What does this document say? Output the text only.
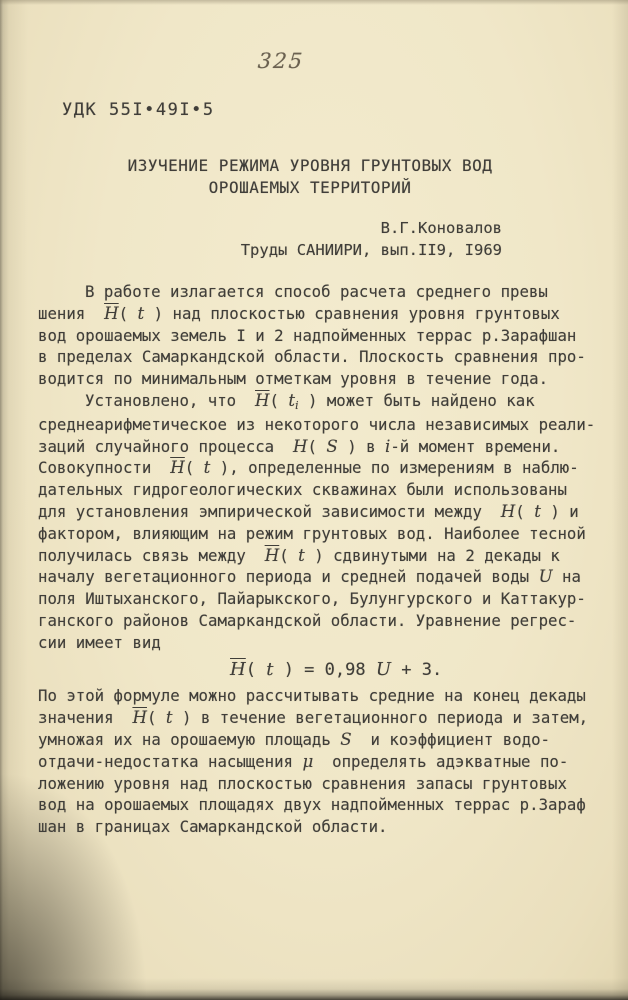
325
УДК 55I•49I•5
ИЗУЧЕНИЕ РЕЖИМА УРОВНЯ ГРУНТОВЫХ ВОД
ОРОШАЕМЫХ ТЕРРИТОРИЙ
В.Г.Коновалов
Труды САНИИРИ, вып.II9, I969
В работе излагается способ расчета среднего превы
шения  $\overline{H}$( t ) над плоскостью сравнения уровня грунтовых
вод орошаемых земель I и 2 надпойменных террас р.Зарафшан
в пределах Самаркандской области. Плоскость сравнения про-
водится по минимальным отметкам уровня в течение года.
Установлено, что  $\overline{H}$( $t_i$ ) может быть найдено как
среднеарифметическое из некоторого числа независимых реали-
заций случайного процесса  H( S ) в i-й момент времени.
Совокупности  $\overline{H}$( t ), определенные по измерениям в наблю-
дательных гидрогеологических скважинах были использованы
для установления эмпирической зависимости между  H( t ) и
фактором, влияющим на режим грунтовых вод. Наиболее тесной
получилась связь между  $\overline{H}$( t ) сдвинутыми на 2 декады к
началу вегетационного периода и средней подачей воды U на
поля Иштыханского, Пайарыкского, Булунгурского и Каттакур-
ганского районов Самаркандской области. Уравнение регрес-
сии имеет вид
$\overline{H}$( t ) = 0,98 U + 3.
По этой формуле можно рассчитывать средние на конец декады
значения  $\overline{H}$( t ) в течение вегетационного периода и затем,
умножая их на орошаемую площадь S  и коэффициент водо-
отдачи-недостатка насыщения μ  определять адэкватные по-
ложению уровня над плоскостью сравнения запасы грунтовых
вод на орошаемых площадях двух надпойменных террас р.Зараф
шан в границах Самаркандской области.
